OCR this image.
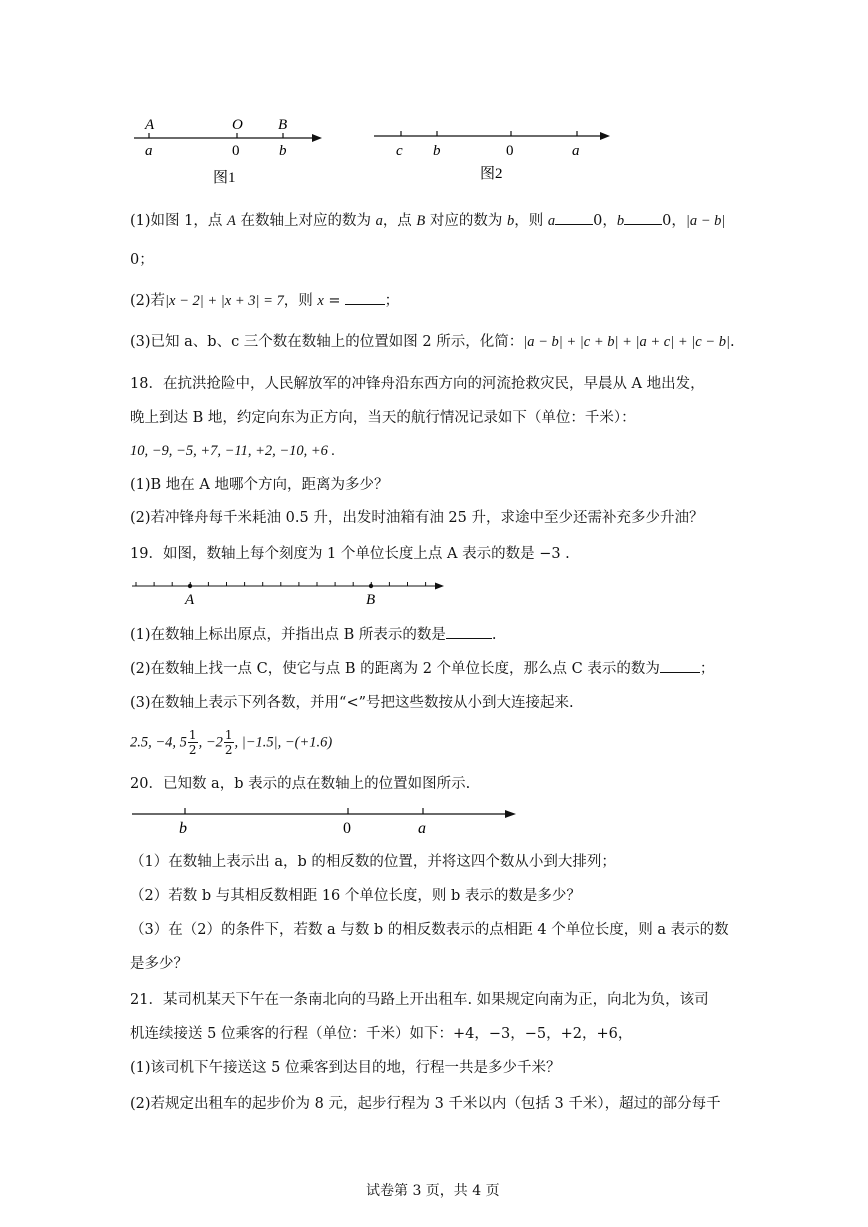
A	O B
a	0	b
图1
c b	0	a
图2
(1)如图 1，点 A 在数轴上对应的数为 a，点 B 对应的数为 b，则 a	0，b	0，|a − b|
0；
(2)若|x − 2| + |x + 3| = 7，则 x =	；
(3)已知 a、b、c 三个数在数轴上的位置如图 2 所示，化简：|a − b| + |c + b| + |a + c| + |c − b|.
18．在抗洪抢险中，人民解放军的冲锋舟沿东西方向的河流抢救灾民，早晨从 A 地出发，
晚上到达 B 地，约定向东为正方向，当天的航行情况记录如下（单位：千米）：
10, −9, −5, +7, −11, +2, −10, +6 .
(1)B 地在 A 地哪个方向，距离为多少？
(2)若冲锋舟每千米耗油 0.5 升，出发时油箱有油 25 升，求途中至少还需补充多少升油？
19．如图，数轴上每个刻度为 1 个单位长度上点 A 表示的数是 −3 .
A	B
(1)在数轴上标出原点，并指出点 B 所表示的数是	.
(2)在数轴上找一点 C，使它与点 B 的距离为 2 个单位长度，那么点 C 表示的数为	；
(3)在数轴上表示下列各数，并用“<”号把这些数按从小到大连接起来.
2.5, −4, $5 \frac{1}{2}$ , $-2 \frac{1}{2}$ , |−1.5|, −(+1.6)
20．已知数 a，b 表示的点在数轴上的位置如图所示.
b	0	a
（1）在数轴上表示出 a，b 的相反数的位置，并将这四个数从小到大排列；
（2）若数 b 与其相反数相距 16 个单位长度，则 b 表示的数是多少？
（3）在（2）的条件下，若数 a 与数 b 的相反数表示的点相距 4 个单位长度，则 a 表示的数
是多少？
21．某司机某天下午在一条南北向的马路上开出租车. 如果规定向南为正，向北为负，该司
机连续接送 5 位乘客的行程（单位：千米）如下：+4，−3，−5，+2，+6，
(1)该司机下午接送这 5 位乘客到达目的地，行程一共是多少千米？
(2)若规定出租车的起步价为 8 元，起步行程为 3 千米以内（包括 3 千米），超过的部分每千
试卷第 3 页，共 4 页
